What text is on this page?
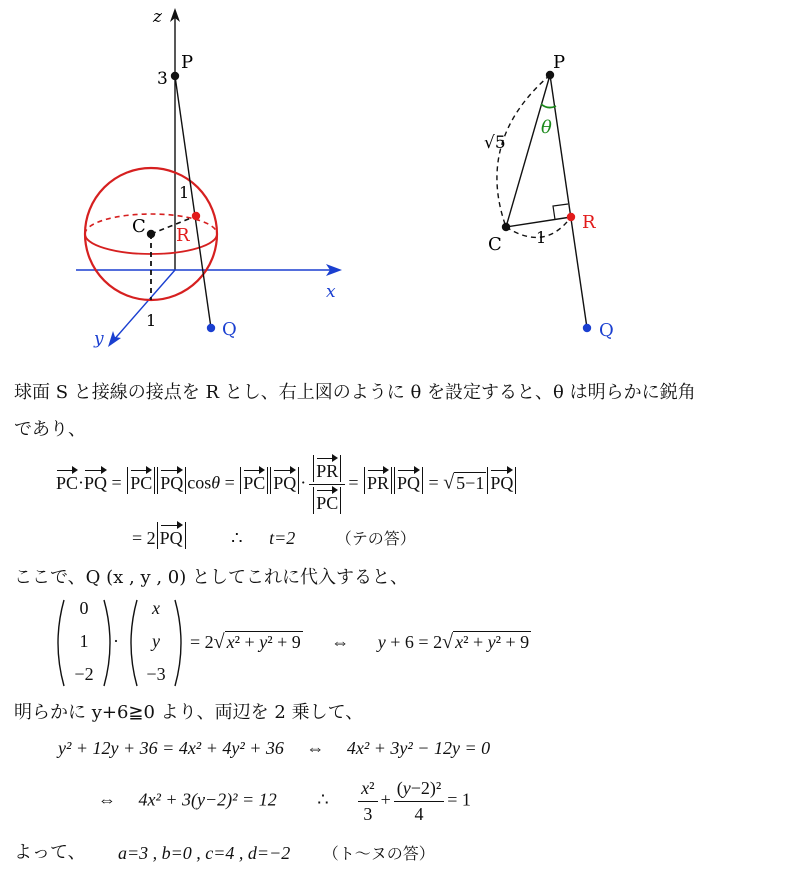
z
x
y
P
3
C R
Q
1
1
P
C
R
Q
θ
√5
1
球面 S と接線の接点を R とし、右上図のように θ を設定すると、θ は明らかに鋭角
であり、
PC·PQ = PC PQ cosθ = PC PQ · $\frac{PR}{PC}$ = PR PQ = √ 5−1 PQ
= 2 PQ	∴ t=2	（テの答）
ここで、Q (x , y , 0) としてこれに代入すると、
0
1
−2
·
x
y
−3
= 2√ x² + y² + 9 ⇔ y + 6 = 2√ x² + y² + 9
明らかに y+6≧0 より、両辺を 2 乗して、
y² + 12y + 36 = 4x² + 4y² + 36 ⇔ 4x² + 3y² − 12y = 0
⇔ 4x² + 3(y−2)² = 12 ∴ $\frac{\text{x²}}{3} + \frac{\text{(y−2)²}}{4} = 1$
よって、 a=3 , b=0 , c=4 , d=−2 （ト〜ヌの答）
